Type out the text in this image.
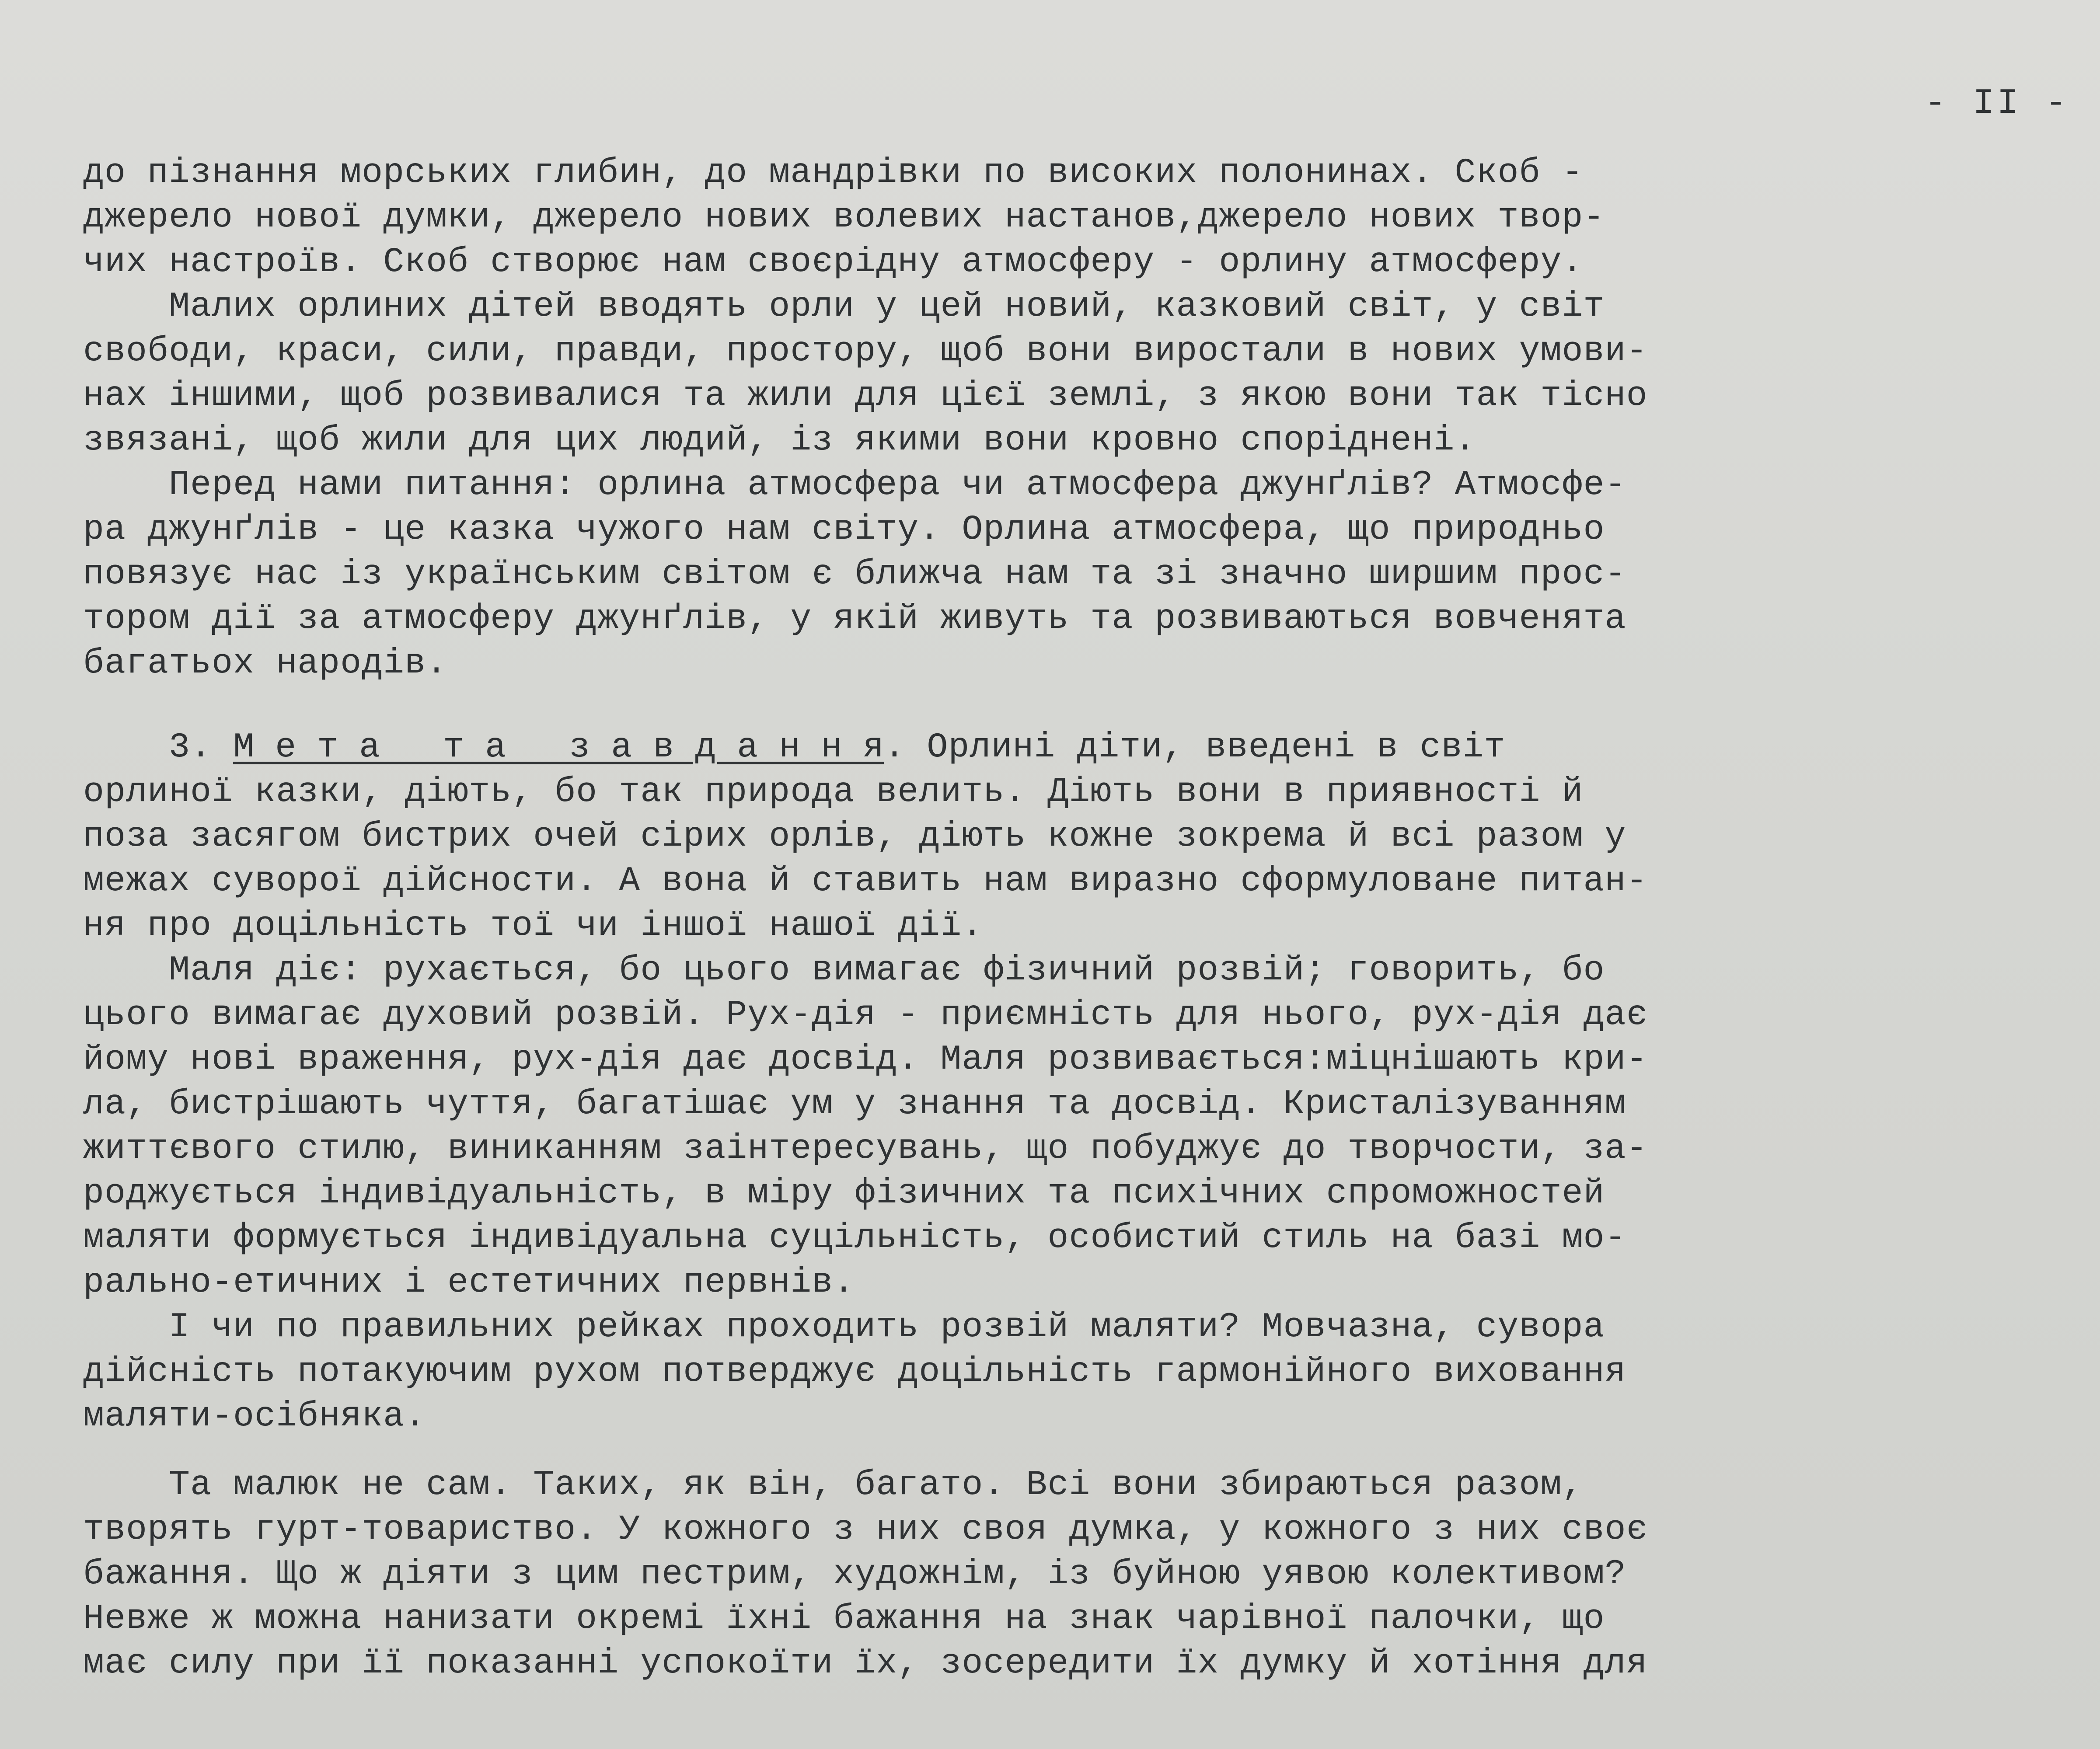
- II -
до пізнання морських глибин, до мандрівки по високих полонинах. Скоб -
джерело нової думки, джерело нових волевих настанов,джерело нових твор-
чих настроїв. Скоб створює нам своєрідну атмосферу - орлину атмосферу.
Малих орлиних дітей вводять орли у цей новий, казковий світ, у світ
свободи, краси, сили, правди, простору, щоб вони виростали в нових умови-
нах іншими, щоб розвивалися та жили для цієї землі, з якою вони так тісно
звязані, щоб жили для цих людий, із якими вони кровно споріднені.
Перед нами питання: орлина атмосфера чи атмосфера джунґлів? Атмосфе-
ра джунґлів - це казка чужого нам світу. Орлина атмосфера, що природньо
повязує нас із українським світом є ближча нам та зі значно ширшим прос-
тором дії за атмосферу джунґлів, у якій живуть та розвиваються вовченята
багатьох народів.
3. М е т а   т а   з а в д а н н я. Орлині діти, введені в світ
орлиної казки, діють, бо так природа велить. Діють вони в приявності й
поза засягом бистрих очей сірих орлів, діють кожне зокрема й всі разом у
межах суворої дійсности. А вона й ставить нам виразно сформуловане питан-
ня про доцільність тої чи іншої нашої дії.
Маля діє: рухається, бо цього вимагає фізичний розвій; говорить, бо
цього вимагає духовий розвій. Рух-дія - приємність для нього, рух-дія дає
йому нові враження, рух-дія дає досвід. Маля розвивається:міцнішають кри-
ла, бистрішають чуття, багатішає ум у знання та досвід. Кристалізуванням
життєвого стилю, виниканням заінтересувань, що побуджує до творчости, за-
роджується індивідуальність, в міру фізичних та психічних спроможностей
маляти формується індивідуальна суцільність, особистий стиль на базі мо-
рально-етичних і естетичних первнів.
І чи по правильних рейках проходить розвій маляти? Мовчазна, сувора
дійсність потакуючим рухом потверджує доцільність гармонійного виховання
маляти-осібняка.
Та малюк не сам. Таких, як він, багато. Всі вони збираються разом,
творять гурт-товариство. У кожного з них своя думка, у кожного з них своє
бажання. Що ж діяти з цим пестрим, художнім, із буйною уявою колективом?
Невже ж можна нанизати окремі їхні бажання на знак чарівної палочки, що
має силу при її показанні успокоїти їх, зосередити їх думку й хотіння для
